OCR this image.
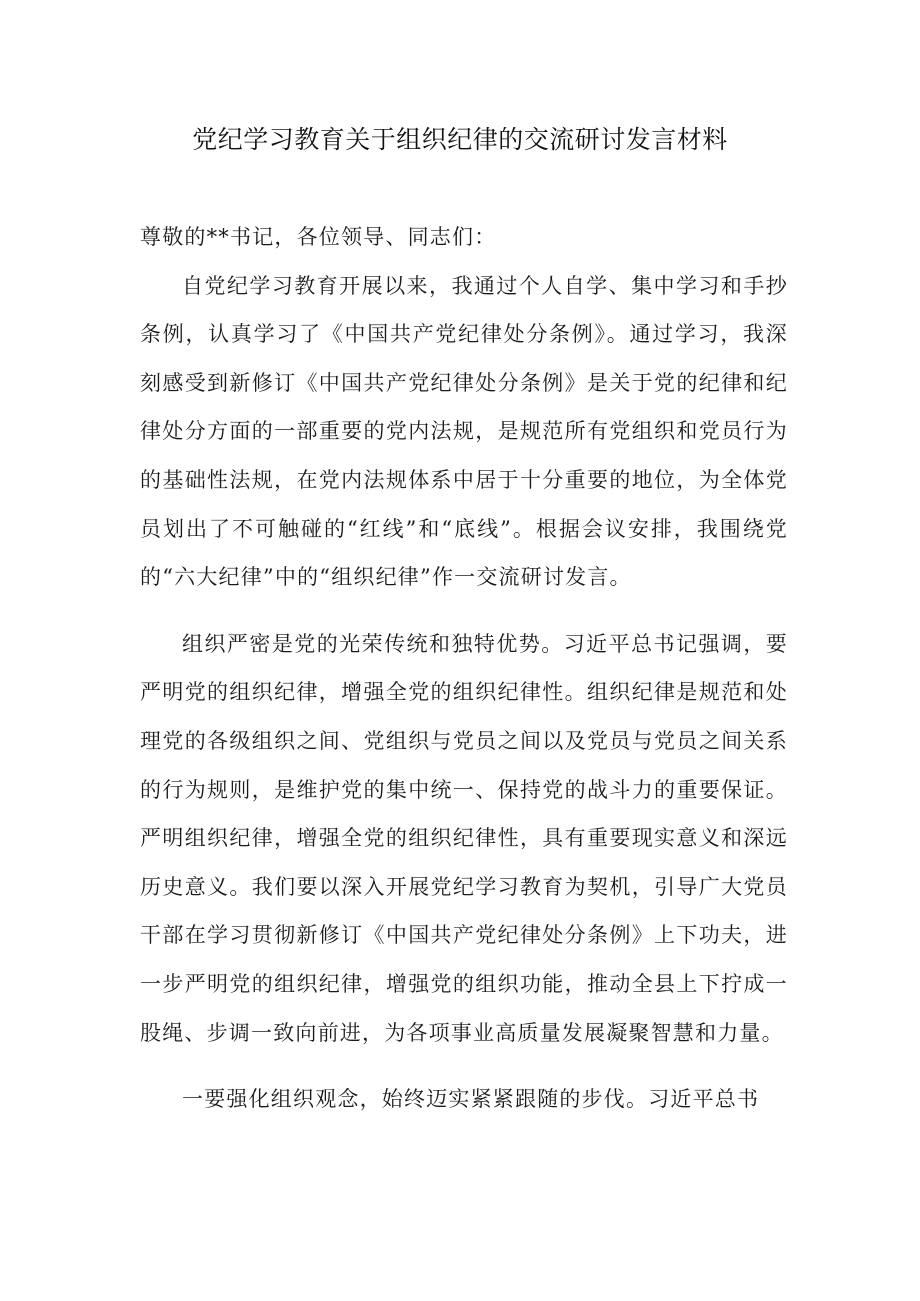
党纪学习教育关于组织纪律的交流研讨发言材料

尊敬的**书记，各位领导、同志们：

自党纪学习教育开展以来，我通过个人自学、集中学习和手抄条例，认真学习了《中国共产党纪律处分条例》。通过学习，我深刻感受到新修订《中国共产党纪律处分条例》是关于党的纪律和纪律处分方面的一部重要的党内法规，是规范所有党组织和党员行为的基础性法规，在党内法规体系中居于十分重要的地位，为全体党员划出了不可触碰的“红线”和“底线”。根据会议安排，我围绕党的“六大纪律”中的“组织纪律”作一交流研讨发言。

组织严密是党的光荣传统和独特优势。习近平总书记强调，要严明党的组织纪律，增强全党的组织纪律性。组织纪律是规范和处理党的各级组织之间、党组织与党员之间以及党员与党员之间关系的行为规则，是维护党的集中统一、保持党的战斗力的重要保证。严明组织纪律，增强全党的组织纪律性，具有重要现实意义和深远历史意义。我们要以深入开展党纪学习教育为契机，引导广大党员干部在学习贯彻新修订《中国共产党纪律处分条例》上下功夫，进一步严明党的组织纪律，增强党的组织功能，推动全县上下拧成一股绳、步调一致向前进，为各项事业高质量发展凝聚智慧和力量。

一要强化组织观念，始终迈实紧紧跟随的步伐。习近平总书
